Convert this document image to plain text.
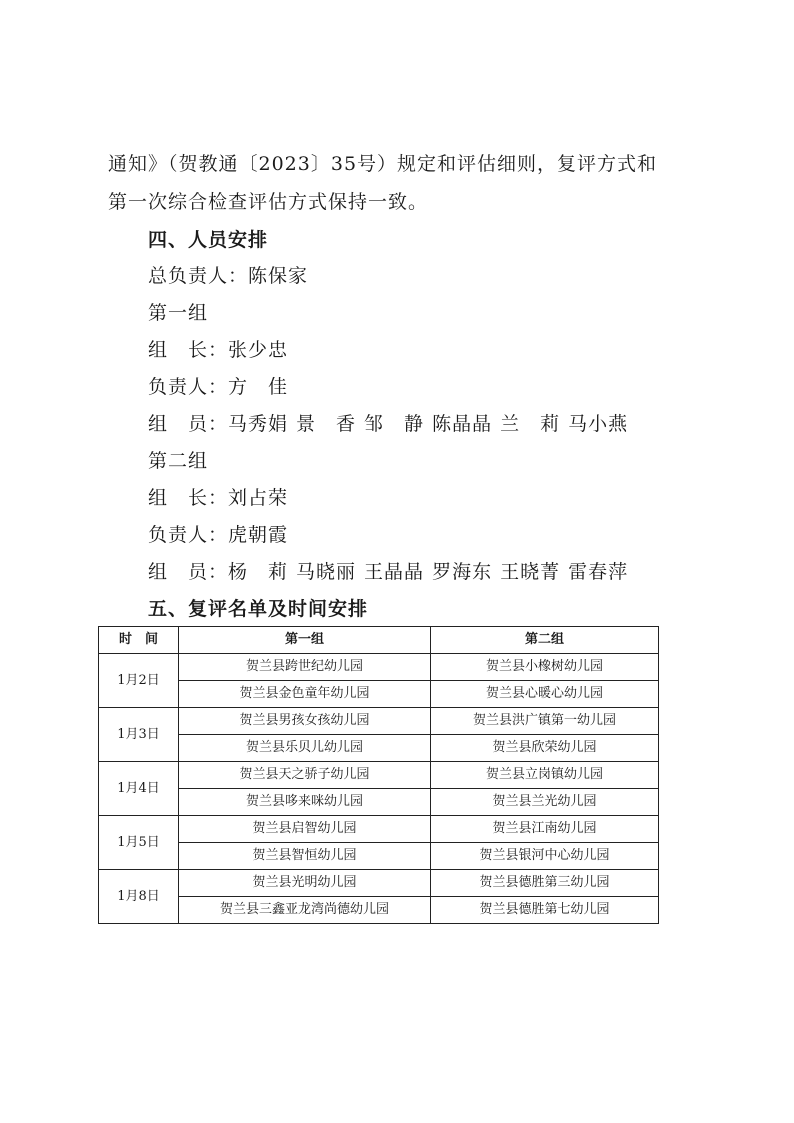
通知》（贺教通〔2023〕35号）规定和评估细则，复评方式和
第一次综合检查评估方式保持一致。
四、人员安排
总负责人：陈保家
第一组
组　长：张少忠
负责人：方　佳
组　员：马秀娟 景　香 邹　静 陈晶晶 兰　莉 马小燕
第二组
组　长：刘占荣
负责人：虎朝霞
组　员：杨　莉 马晓丽 王晶晶 罗海东 王晓菁 雷春萍
五、复评名单及时间安排
时　间	第一组	第二组
1月2日	贺兰县跨世纪幼儿园	贺兰县小橡树幼儿园
	贺兰县金色童年幼儿园	贺兰县心暖心幼儿园
1月3日	贺兰县男孩女孩幼儿园	贺兰县洪广镇第一幼儿园
	贺兰县乐贝儿幼儿园	贺兰县欣荣幼儿园
1月4日	贺兰县天之骄子幼儿园	贺兰县立岗镇幼儿园
	贺兰县哆来咪幼儿园	贺兰县兰光幼儿园
1月5日	贺兰县启智幼儿园	贺兰县江南幼儿园
	贺兰县智恒幼儿园	贺兰县银河中心幼儿园
1月8日	贺兰县光明幼儿园	贺兰县德胜第三幼儿园
	贺兰县三鑫亚龙湾尚德幼儿园	贺兰县德胜第七幼儿园
